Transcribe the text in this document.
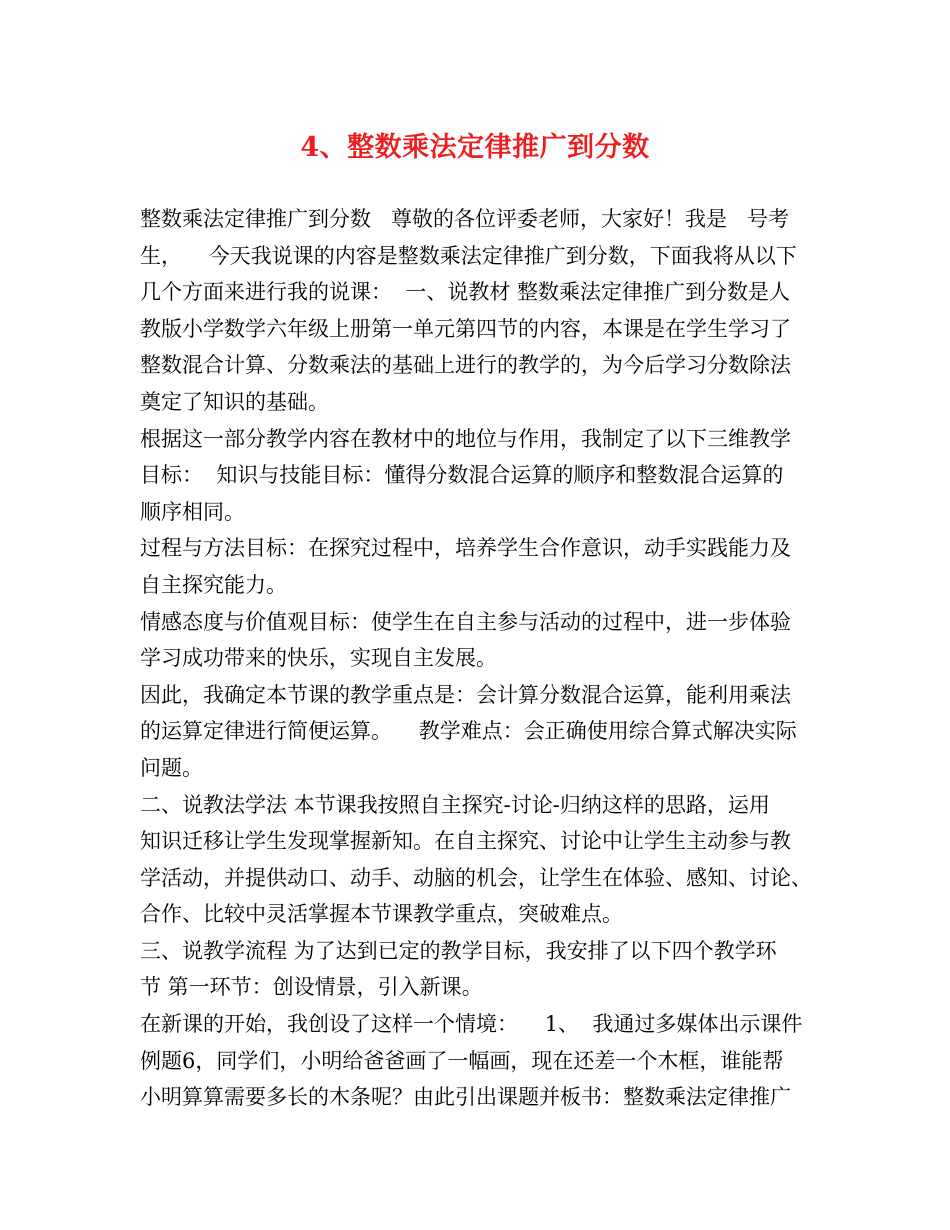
4、整数乘法定律推广到分数
整数乘法定律推广到分数   尊敬的各位评委老师，大家好！我是   号考
生，    今天我说课的内容是整数乘法定律推广到分数，下面我将从以下
几个方面来进行我的说课：  一、说教材 整数乘法定律推广到分数是人
教版小学数学六年级上册第一单元第四节的内容，本课是在学生学习了
整数混合计算、分数乘法的基础上进行的教学的，为今后学习分数除法
奠定了知识的基础。
根据这一部分教学内容在教材中的地位与作用，我制定了以下三维教学
目标：  知识与技能目标：懂得分数混合运算的顺序和整数混合运算的
顺序相同。
过程与方法目标：在探究过程中，培养学生合作意识，动手实践能力及
自主探究能力。
情感态度与价值观目标：使学生在自主参与活动的过程中，进一步体验
学习成功带来的快乐，实现自主发展。
因此，我确定本节课的教学重点是：会计算分数混合运算，能利用乘法
的运算定律进行简便运算。    教学难点：会正确使用综合算式解决实际
问题。
二、说教法学法 本节课我按照自主探究-讨论-归纳这样的思路，运用
知识迁移让学生发现掌握新知。在自主探究、讨论中让学生主动参与教
学活动，并提供动口、动手、动脑的机会，让学生在体验、感知、讨论、
合作、比较中灵活掌握本节课教学重点，突破难点。
三、说教学流程 为了达到已定的教学目标，我安排了以下四个教学环
节 第一环节：创设情景，引入新课。
在新课的开始，我创设了这样一个情境：    1、  我通过多媒体出示课件
例题6，同学们，小明给爸爸画了一幅画，现在还差一个木框，谁能帮
小明算算需要多长的木条呢？由此引出课题并板书：整数乘法定律推广
